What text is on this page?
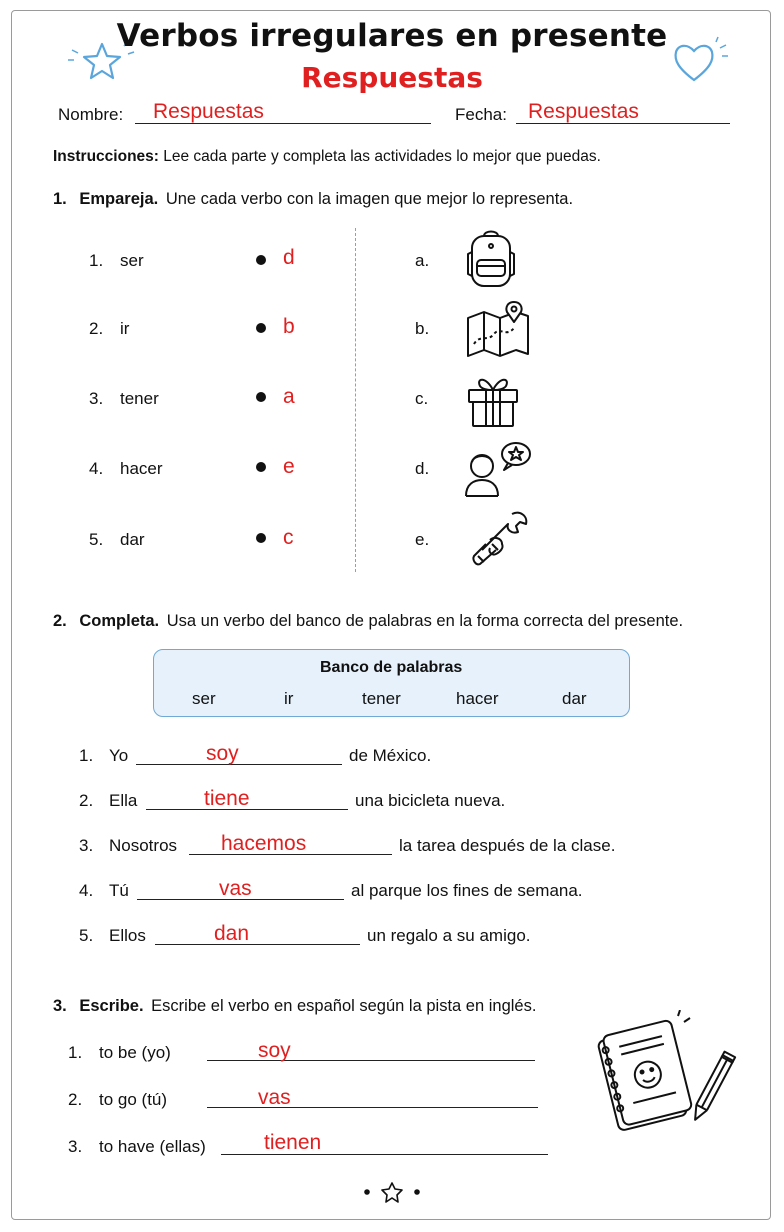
Verbos irregulares en presente
Respuestas
Nombre: Respuestas	Fecha: Respuestas
Instrucciones: Lee cada parte y completa las actividades lo mejor que puedas.
1. Empareja. Une cada verbo con la imagen que mejor lo representa.
1. ser	d
2. ir	b
3. tener	a
4. hacer	e
5. dar	c
a.
b.
c.
d.
e.
2. Completa. Usa un verbo del banco de palabras en la forma correcta del presente.
Banco de palabras
ser	ir	tener	hacer	dar
1. Yo	soy	de México.
2. Ella	tiene	una bicicleta nueva.
3. Nosotros hacemos	la tarea después de la clase.
4. Tú	vas	al parque los fines de semana.
5. Ellos	dan	un regalo a su amigo.
3. Escribe. Escribe el verbo en español según la pista en inglés.
1. to be (yo)	soy
2. to go (tú)	vas
3. to have (ellas)	tienen
